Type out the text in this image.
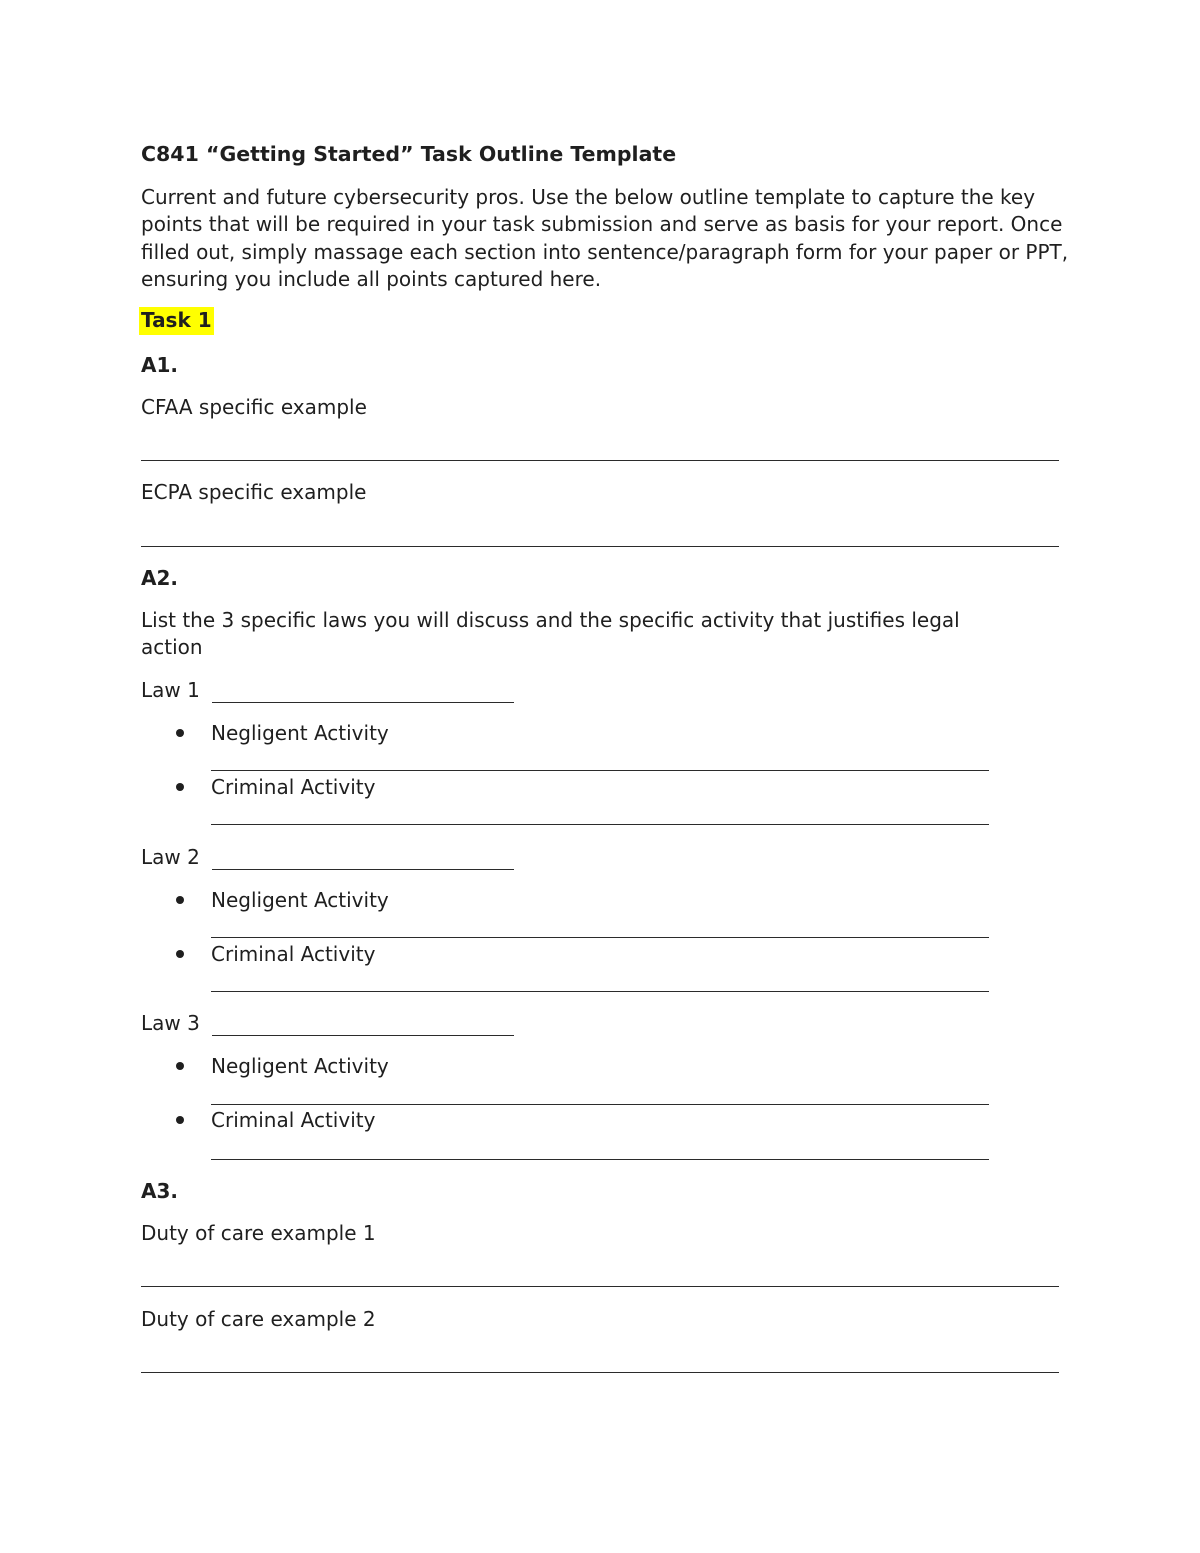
C841 “Getting Started” Task Outline Template
Current and future cybersecurity pros. Use the below outline template to capture the key points that will be required in your task submission and serve as basis for your report. Once filled out, simply massage each section into sentence/paragraph form for your paper or PPT, ensuring you include all points captured here.
Task 1
A1.
CFAA specific example
ECPA specific example
A2.
List the 3 specific laws you will discuss and the specific activity that justifies legal
action
Law 1
Negligent Activity
Criminal Activity
Law 2
Negligent Activity
Criminal Activity
Law 3
Negligent Activity
Criminal Activity
A3.
Duty of care example 1
Duty of care example 2
